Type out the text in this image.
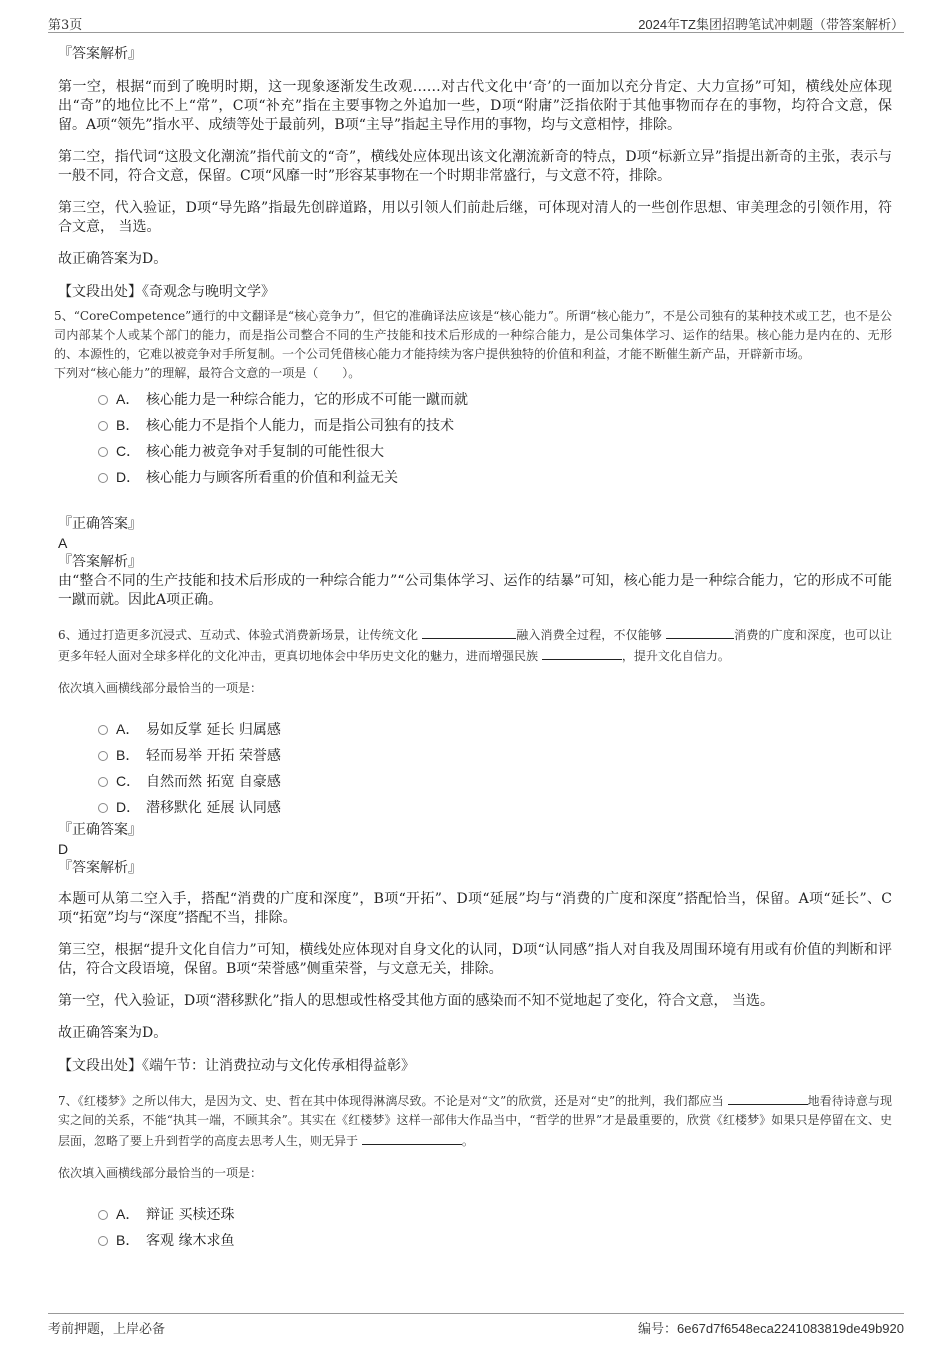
第3页	2024年TZ集团招聘笔试冲刺题（带答案解析）

『答案解析』

第一空，根据“而到了晚明时期，这一现象逐渐发生改观……对古代文化中‘奇’的一面加以充分肯定、大力宣扬”可知，横线处应体现出“奇”的地位比不上“常”，C项“补充”指在主要事物之外追加一些，D项“附庸”泛指依附于其他事物而存在的事物，均符合文意，保留。A项“领先”指水平、成绩等处于最前列，B项“主导”指起主导作用的事物，均与文意相悖，排除。

第二空，指代词“这股文化潮流”指代前文的“奇”，横线处应体现出该文化潮流新奇的特点，D项“标新立异”指提出新奇的主张，表示与一般不同，符合文意，保留。C项“风靡一时”形容某事物在一个时期非常盛行，与文意不符，排除。

第三空，代入验证，D项“导先路”指最先创辟道路，用以引领人们前赴后继，可体现对清人的一些创作思想、审美理念的引领作用，符合文意， 当选。

故正确答案为D。

【文段出处】《奇观念与晚明文学》

5、“CoreCompetence”通行的中文翻译是“核心竞争力”，但它的准确译法应该是“核心能力”。所谓“核心能力”，不是公司独有的某种技术或工艺，也不是公司内部某个人或某个部门的能力，而是指公司整合不同的生产技能和技术后形成的一种综合能力，是公司集体学习、运作的结果。核心能力是内在的、无形的、本源性的，它难以被竞争对手所复制。一个公司凭借核心能力才能持续为客户提供独特的价值和利益，才能不断催生新产品，开辟新市场。

下列对“核心能力”的理解，最符合文意的一项是（　　）。

A． 核心能力是一种综合能力，它的形成不可能一蹴而就
B． 核心能力不是指个人能力，而是指公司独有的技术
C． 核心能力被竞争对手复制的可能性很大
D． 核心能力与顾客所看重的价值和利益无关

『正确答案』

A

『答案解析』

由“整合不同的生产技能和技术后形成的一种综合能力”“公司集体学习、运作的结暴”可知，核心能力是一种综合能力，它的形成不可能一蹴而就。因此A项正确。

6、通过打造更多沉浸式、互动式、体验式消费新场景，让传统文化	融入消费全过程，不仅能够	消费的广度和深度，也可以让更多年轻人面对全球多样化的文化冲击，更真切地体会中华历史文化的魅力，进而增强民族	，提升文化自信力。

依次填入画横线部分最恰当的一项是：

A． 易如反掌 延长 归属感
B． 轻而易举 开拓 荣誉感
C． 自然而然 拓宽 自豪感
D． 潜移默化 延展 认同感

『正确答案』

D

『答案解析』

本题可从第二空入手，搭配“消费的广度和深度”，B项“开拓”、D项“延展”均与“消费的广度和深度”搭配恰当，保留。A项“延长”、C项“拓宽”均与“深度”搭配不当，排除。

第三空，根据“提升文化自信力”可知，横线处应体现对自身文化的认同，D项“认同感”指人对自我及周围环境有用或有价值的判断和评估，符合文段语境，保留。B项“荣誉感”侧重荣誉，与文意无关，排除。

第一空，代入验证，D项“潜移默化”指人的思想或性格受其他方面的感染而不知不觉地起了变化，符合文意， 当选。

故正确答案为D。

【文段出处】《端午节：让消费拉动与文化传承相得益彰》

7、《红楼梦》之所以伟大，是因为文、史、哲在其中体现得淋漓尽致。不论是对“文”的欣赏，还是对“史”的批判，我们都应当	地看待诗意与现实之间的关系，不能“执其一端，不顾其余”。其实在《红楼梦》这样一部伟大作品当中，“哲学的世界”才是最重要的，欣赏《红楼梦》如果只是停留在文、史层面，忽略了要上升到哲学的高度去思考人生，则无异于	。

依次填入画横线部分最恰当的一项是：

A． 辩证 买椟还珠
B． 客观 缘木求鱼
考前押题，上岸必备	编号：6e67d7f6548eca2241083819de49b920
